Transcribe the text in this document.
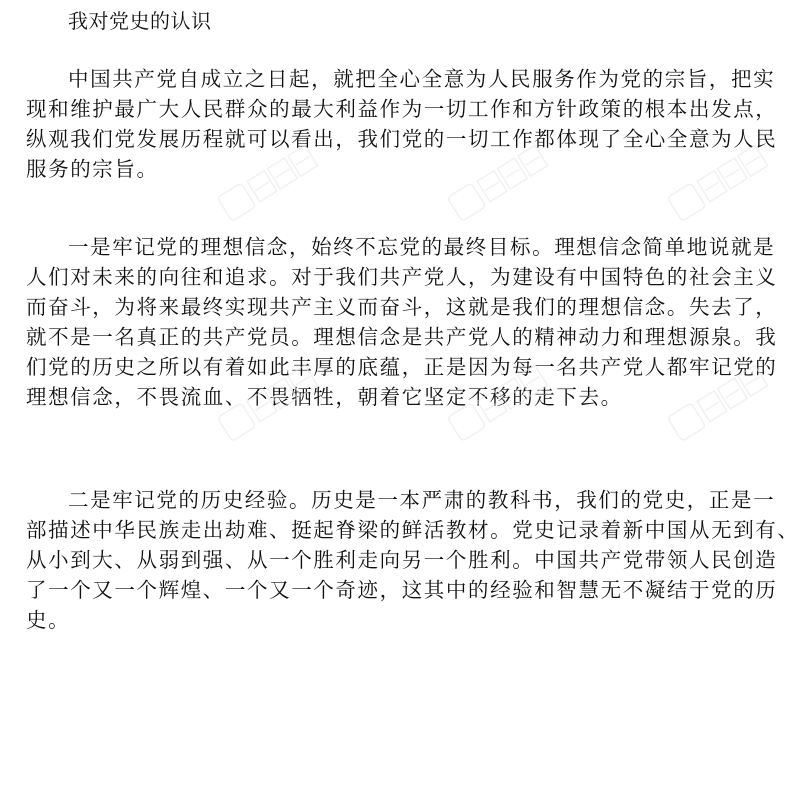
我对党史的认识
中国共产党自成立之日起，就把全心全意为人民服务作为党的宗旨，把实
现和维护最广大人民群众的最大利益作为一切工作和方针政策的根本出发点，
纵观我们党发展历程就可以看出，我们党的一切工作都体现了全心全意为人民
服务的宗旨。
一是牢记党的理想信念，始终不忘党的最终目标。理想信念简单地说就是
人们对未来的向往和追求。对于我们共产党人，为建设有中国特色的社会主义
而奋斗，为将来最终实现共产主义而奋斗，这就是我们的理想信念。失去了，
就不是一名真正的共产党员。理想信念是共产党人的精神动力和理想源泉。我
们党的历史之所以有着如此丰厚的底蕴，正是因为每一名共产党人都牢记党的
理想信念，不畏流血、不畏牺牲，朝着它坚定不移的走下去。
二是牢记党的历史经验。历史是一本严肃的教科书，我们的党史，正是一
部描述中华民族走出劫难、挺起脊梁的鲜活教材。党史记录着新中国从无到有、
从小到大、从弱到强、从一个胜利走向另一个胜利。中国共产党带领人民创造
了一个又一个辉煌、一个又一个奇迹，这其中的经验和智慧无不凝结于党的历
史。
